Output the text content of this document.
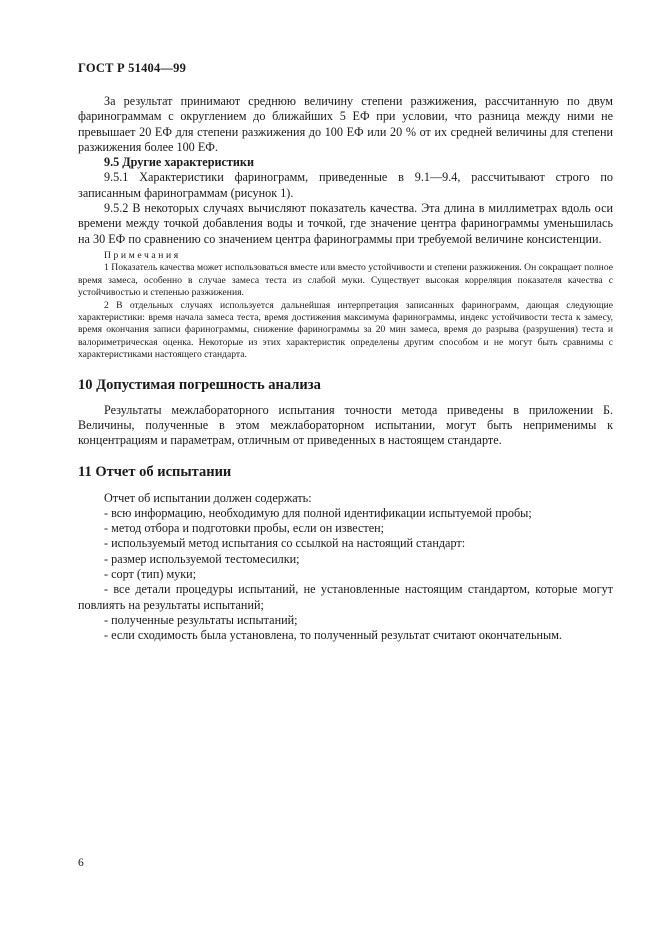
ГОСТ Р 51404—99

За результат принимают среднюю величину степени разжижения, рассчитанную по двум фаринограммам с округлением до ближайших 5 ЕФ при условии, что разница между ними не превышает 20 ЕФ для степени разжижения до 100 ЕФ или 20 % от их средней величины для степени разжижения более 100 ЕФ.

9.5 Другие характеристики

9.5.1 Характеристики фаринограмм, приведенные в 9.1—9.4, рассчитывают строго по записанным фаринограммам (рисунок 1).

9.5.2 В некоторых случаях вычисляют показатель качества. Эта длина в миллиметрах вдоль оси времени между точкой добавления воды и точкой, где значение центра фаринограммы уменьшилась на 30 ЕФ по сравнению со значением центра фаринограммы при требуемой величине консистенции.

Примечания

1 Показатель качества может использоваться вместе или вместо устойчивости и степени разжижения. Он сокращает полное время замеса, особенно в случае замеса теста из слабой муки. Существует высокая корреляция показателя качества с устойчивостью и степенью разжижения.

2 В отдельных случаях используется дальнейшая интерпретация записанных фаринограмм, дающая следующие характеристики: время начала замеса теста, время достижения максимума фаринограммы, индекс устойчивости теста к замесу, время окончания записи фаринограммы, снижение фаринограммы за 20 мин замеса, время до разрыва (разрушения) теста и валориметрическая оценка. Некоторые из этих характеристик определены другим способом и не могут быть сравнимы с характеристиками настоящего стандарта.

10 Допустимая погрешность анализа

Результаты межлабораторного испытания точности метода приведены в приложении Б. Величины, полученные в этом межлабораторном испытании, могут быть неприменимы к концентрациям и параметрам, отличным от приведенных в настоящем стандарте.

11 Отчет об испытании

Отчет об испытании должен содержать:

- всю информацию, необходимую для полной идентификации испытуемой пробы;

- метод отбора и подготовки пробы, если он известен;

- используемый метод испытания со ссылкой на настоящий стандарт:

- размер используемой тестомесилки;

- сорт (тип) муки;

- все детали процедуры испытаний, не установленные настоящим стандартом, которые могут повлиять на результаты испытаний;

- полученные результаты испытаний;

- если сходимость была установлена, то полученный результат считают окончательным.

6
